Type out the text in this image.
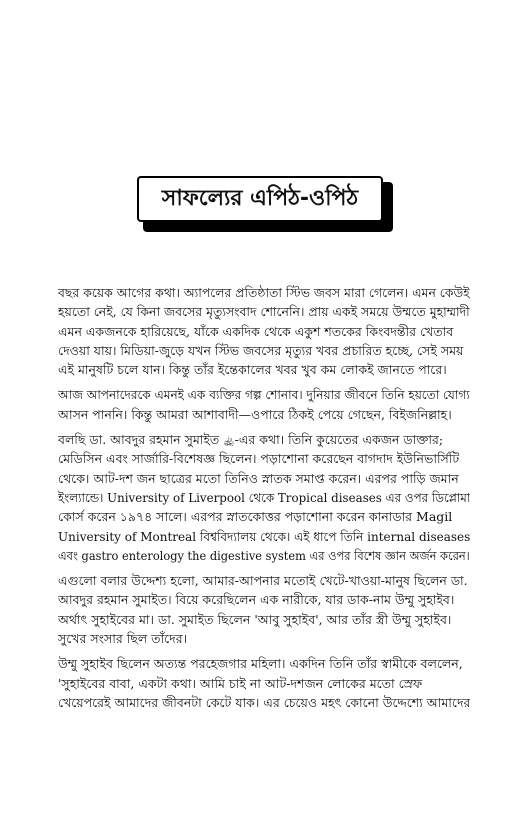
সাফল্যের এপিঠ-ওপিঠ
বছর কয়েক আগের কথা। অ্যাপলের প্রতিষ্ঠাতা স্টিভ জবস মারা গেলেন। এমন কেউই
হয়তো নেই, যে কিনা জবসের মৃত্যুসংবাদ শোনেনি। প্রায় একই সময়ে উম্মতে মুহাম্মাদী
এমন একজনকে হারিয়েছে, যাঁকে একদিক থেকে একুশ শতকের কিংবদন্তীর খেতাব
দেওয়া যায়। মিডিয়া-জুড়ে যখন স্টিভ জবসের মৃত্যুর খবর প্রচারিত হচ্ছে, সেই সময়
এই মানুষটি চলে যান। কিন্তু তাঁর ইন্তেকালের খবর খুব কম লোকই জানতে পারে।
আজ আপনাদেরকে এমনই এক ব্যক্তির গল্প শোনাব। দুনিয়ার জীবনে তিনি হয়তো যোগ্য
আসন পাননি। কিন্তু আমরা আশাবাদী—ওপারে ঠিকই পেয়ে গেছেন, বিইজনিল্লাহ।
বলছি ডা. আবদুর রহমান সুমাইত ﵀-এর কথা। তিনি কুয়েতের একজন ডাক্তার;
মেডিসিন এবং সার্জারি-বিশেষজ্ঞ ছিলেন। পড়াশোনা করেছেন বাগদাদ ইউনিভার্সিটি
থেকে। আট-দশ জন ছাত্রের মতো তিনিও স্নাতক সমাপ্ত করেন। এরপর পাড়ি জমান
ইংল্যান্ডে। University of Liverpool থেকে Tropical diseases এর ওপর ডিপ্লোমা
কোর্স করেন ১৯৭৪ সালে। এরপর স্নাতকোত্তর পড়াশোনা করেন কানাডার Magil
University of Montreal বিশ্ববিদ্যালয় থেকে। এই ধাপে তিনি internal diseases
এবং gastro enterology the digestive system এর ওপর বিশেষ জ্ঞান অর্জন করেন।
এগুলো বলার উদ্দেশ্য হলো, আমার-আপনার মতোই খেটে-খাওয়া-মানুষ ছিলেন ডা.
আবদুর রহমান সুমাইত। বিয়ে করেছিলেন এক নারীকে, যার ডাক-নাম উম্মু সুহাইব।
অর্থাৎ সুহাইবের মা। ডা. সুমাইত ছিলেন 'আবু সুহাইব', আর তাঁর স্ত্রী উম্মু সুহাইব।
সুখের সংসার ছিল তাঁদের।
উম্মু সুহাইব ছিলেন অত্যন্ত পরহেজগার মহিলা। একদিন তিনি তাঁর স্বামীকে বললেন,
'সুহাইবের বাবা, একটা কথা। আমি চাই না আট-দশজন লোকের মতো স্রেফ
খেয়েপরেই আমাদের জীবনটা কেটে যাক। এর চেয়েও মহৎ কোনো উদ্দেশ্যে আমাদের
